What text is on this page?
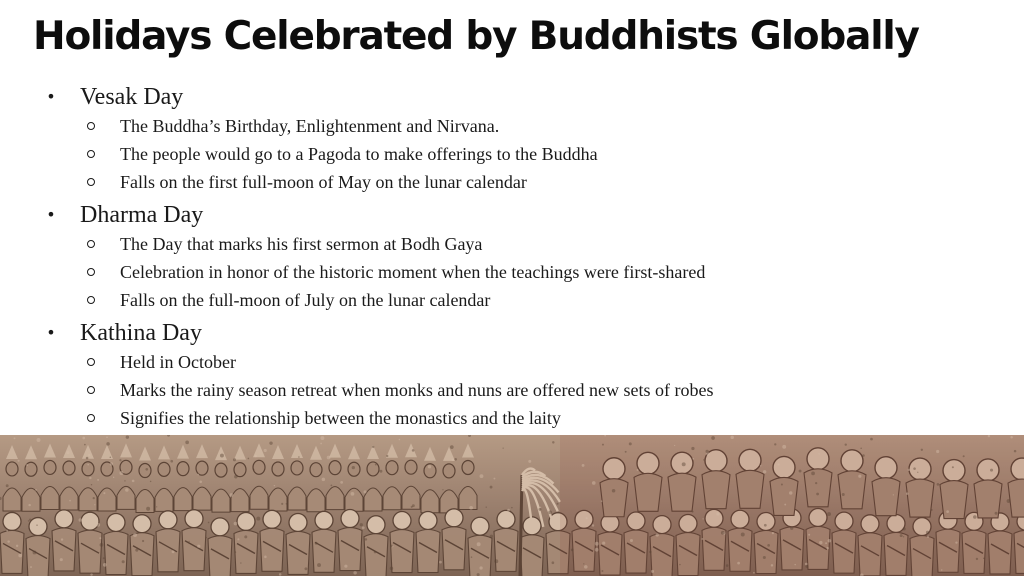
Holidays Celebrated by Buddhists Globally
• Vesak Day
The Buddha’s Birthday, Enlightenment and Nirvana.
The people would go to a Pagoda to make offerings to the Buddha
Falls on the first full-moon of May on the lunar calendar
• Dharma Day
The Day that marks his first sermon at Bodh Gaya
Celebration in honor of the historic moment when the teachings were first-shared
Falls on the full-moon of July on the lunar calendar
• Kathina Day
Held in October
Marks the rainy season retreat when monks and nuns are offered new sets of robes
Signifies the relationship between the monastics and the laity
